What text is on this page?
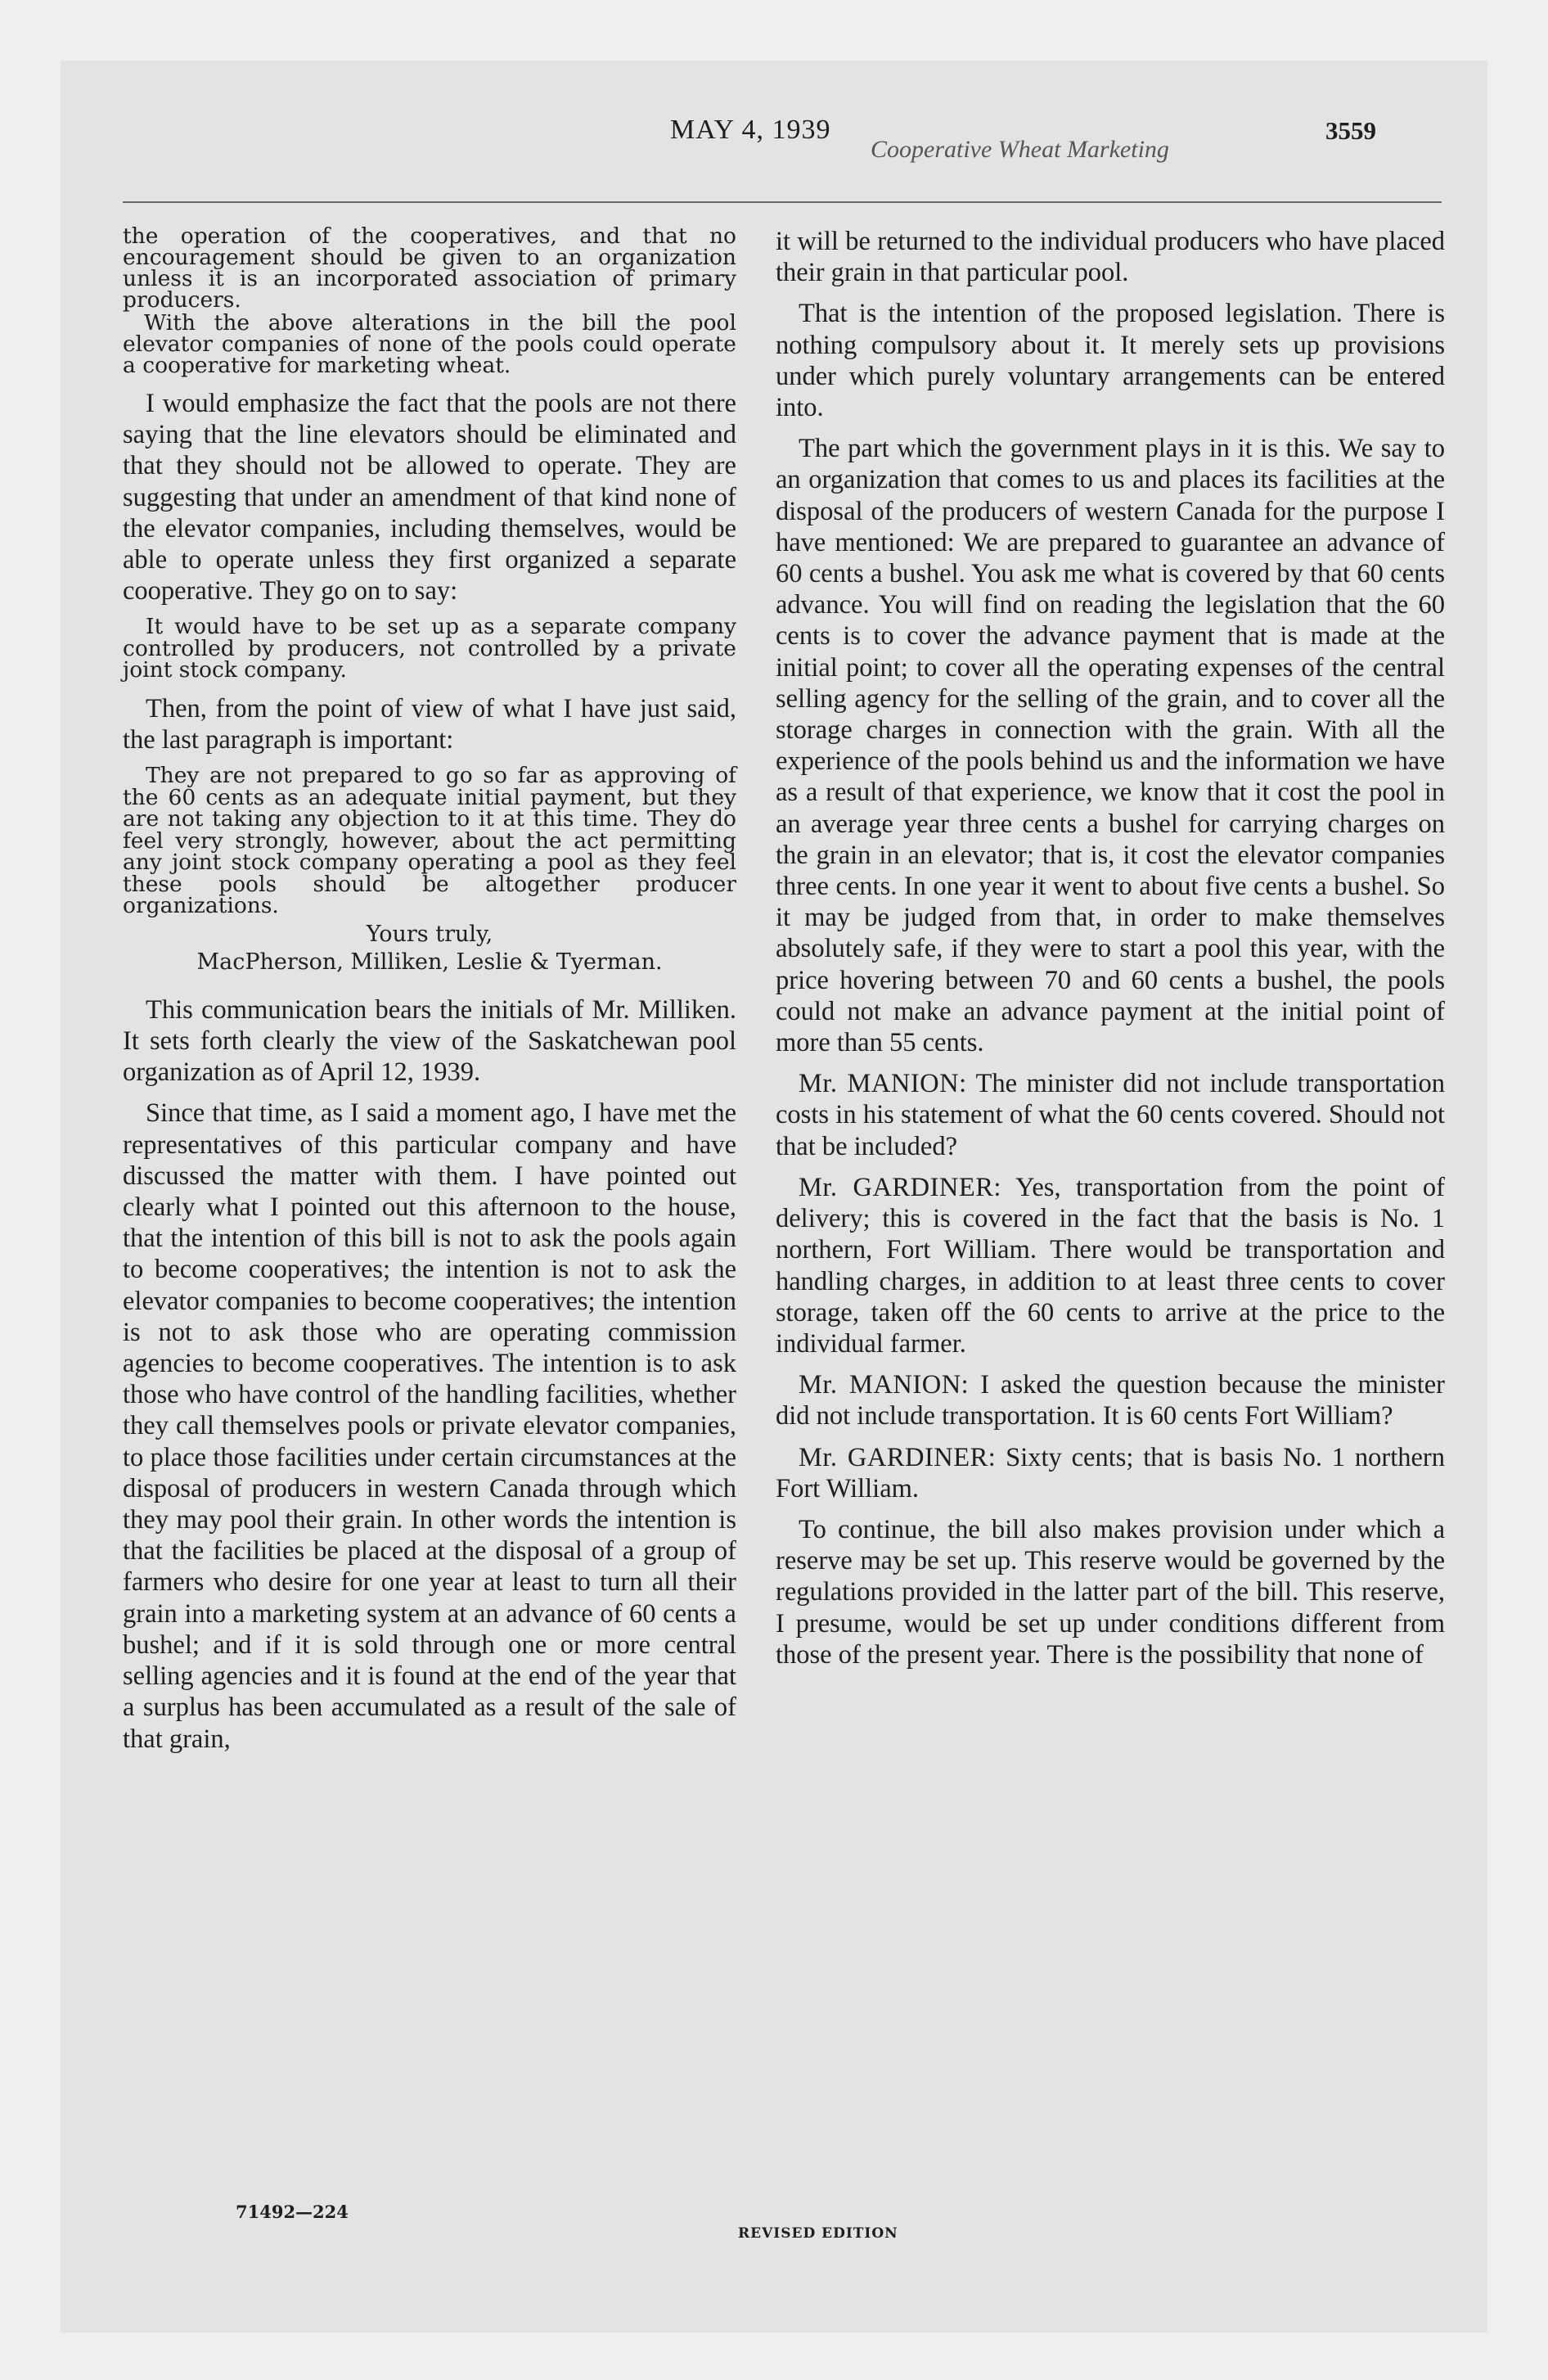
MAY 4, 1939
Cooperative Wheat Marketing
3559

the operation of the cooperatives, and that no encouragement should be given to an organization unless it is an incorporated association of primary producers.

With the above alterations in the bill the pool elevator companies of none of the pools could operate a cooperative for marketing wheat.

I would emphasize the fact that the pools are not there saying that the line elevators should be eliminated and that they should not be allowed to operate. They are suggesting that under an amendment of that kind none of the elevator companies, including themselves, would be able to operate unless they first organized a separate cooperative. They go on to say:

It would have to be set up as a separate company controlled by producers, not controlled by a private joint stock company.

Then, from the point of view of what I have just said, the last paragraph is important:

They are not prepared to go so far as approving of the 60 cents as an adequate initial payment, but they are not taking any objection to it at this time. They do feel very strongly, however, about the act permitting any joint stock company operating a pool as they feel these pools should be altogether producer organizations.

Yours truly,

MacPherson, Milliken, Leslie & Tyerman.

This communication bears the initials of Mr. Milliken. It sets forth clearly the view of the Saskatchewan pool organization as of April 12, 1939.

Since that time, as I said a moment ago, I have met the representatives of this particular company and have discussed the matter with them. I have pointed out clearly what I pointed out this afternoon to the house, that the intention of this bill is not to ask the pools again to become cooperatives; the intention is not to ask the elevator companies to become cooperatives; the intention is not to ask those who are operating commission agencies to become cooperatives. The intention is to ask those who have control of the handling facilities, whether they call themselves pools or private elevator companies, to place those facilities under certain circumstances at the disposal of producers in western Canada through which they may pool their grain. In other words the intention is that the facilities be placed at the disposal of a group of farmers who desire for one year at least to turn all their grain into a marketing system at an advance of 60 cents a bushel; and if it is sold through one or more central selling agencies and it is found at the end of the year that a surplus has been accumulated as a result of the sale of that grain,

it will be returned to the individual producers who have placed their grain in that particular pool.

That is the intention of the proposed legislation. There is nothing compulsory about it. It merely sets up provisions under which purely voluntary arrangements can be entered into.

The part which the government plays in it is this. We say to an organization that comes to us and places its facilities at the disposal of the producers of western Canada for the purpose I have mentioned: We are prepared to guarantee an advance of 60 cents a bushel. You ask me what is covered by that 60 cents advance. You will find on reading the legislation that the 60 cents is to cover the advance payment that is made at the initial point; to cover all the operating expenses of the central selling agency for the selling of the grain, and to cover all the storage charges in connection with the grain. With all the experience of the pools behind us and the information we have as a result of that experience, we know that it cost the pool in an average year three cents a bushel for carrying charges on the grain in an elevator; that is, it cost the elevator companies three cents. In one year it went to about five cents a bushel. So it may be judged from that, in order to make themselves absolutely safe, if they were to start a pool this year, with the price hovering between 70 and 60 cents a bushel, the pools could not make an advance payment at the initial point of more than 55 cents.

Mr. MANION: The minister did not include transportation costs in his statement of what the 60 cents covered. Should not that be included?

Mr. GARDINER: Yes, transportation from the point of delivery; this is covered in the fact that the basis is No. 1 northern, Fort William. There would be transportation and handling charges, in addition to at least three cents to cover storage, taken off the 60 cents to arrive at the price to the individual farmer.

Mr. MANION: I asked the question because the minister did not include transportation. It is 60 cents Fort William?

Mr. GARDINER: Sixty cents; that is basis No. 1 northern Fort William.

To continue, the bill also makes provision under which a reserve may be set up. This reserve would be governed by the regulations provided in the latter part of the bill. This reserve, I presume, would be set up under conditions different from those of the present year. There is the possibility that none of

71492—224
REVISED EDITION
